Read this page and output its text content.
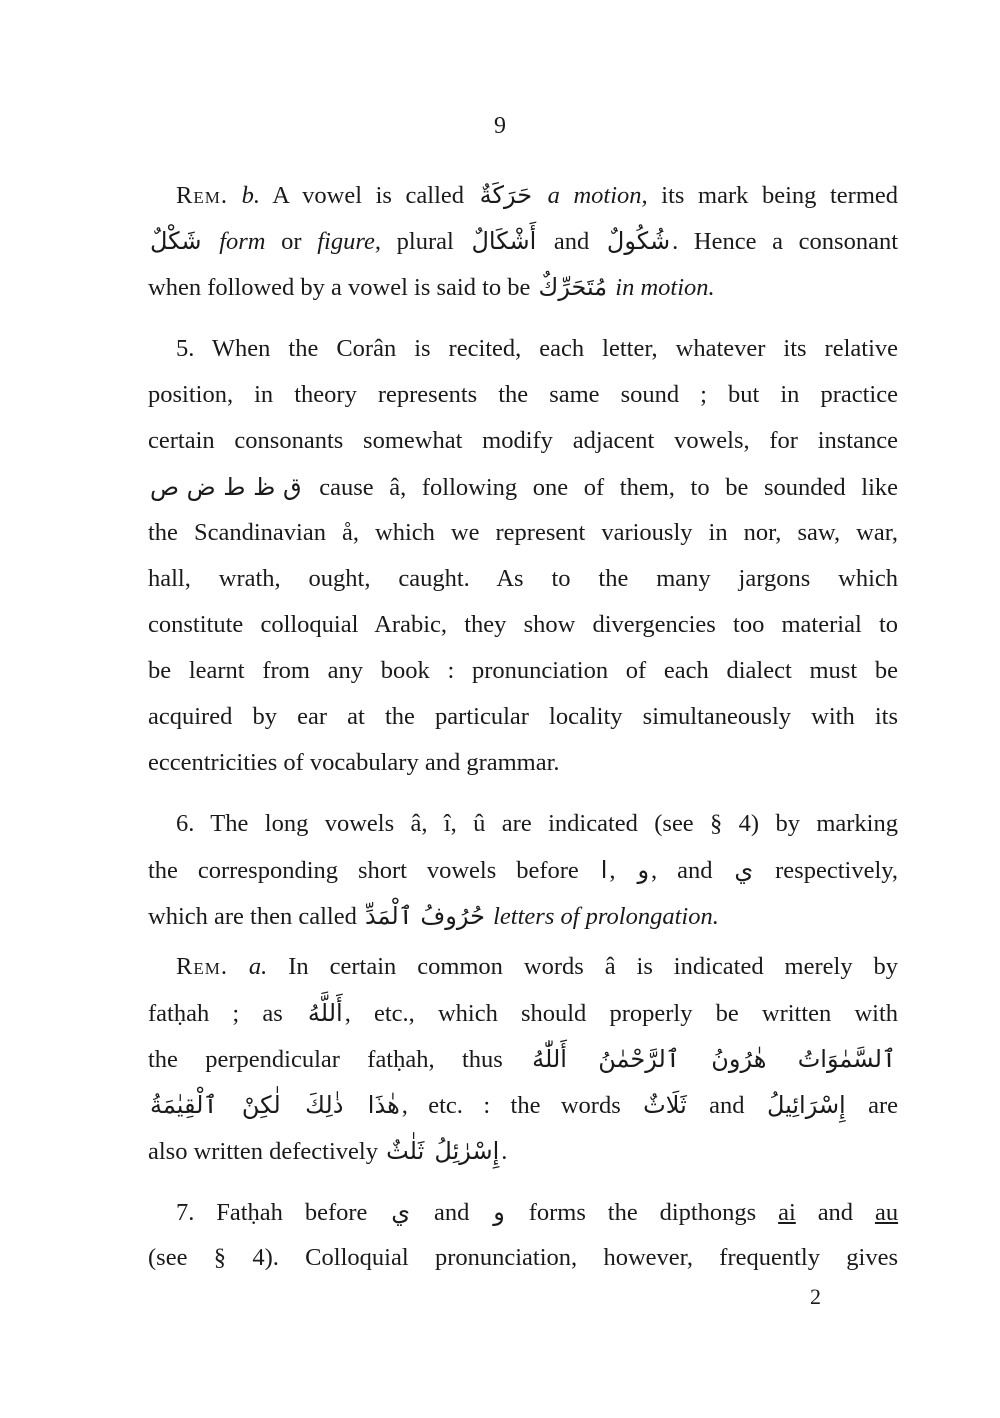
9
Rem. b. A vowel is called حَرَكَةٌ a motion, its mark being termed
شَكْلٌ form or figure, plural أَشْكَالٌ and شُكُولٌ. Hence a consonant
when followed by a vowel is said to be مُتَحَرِّكٌ in motion.
5. When the Corân is recited, each letter, whatever its relative
position, in theory represents the same sound ; but in practice
certain consonants somewhat modify adjacent vowels, for instance
ق ظ ط ض ص cause â, following one of them, to be sounded like
the Scandinavian å, which we represent variously in nor, saw, war,
hall, wrath, ought, caught. As to the many jargons which
constitute colloquial Arabic, they show divergencies too material to
be learnt from any book : pronunciation of each dialect must be
acquired by ear at the particular locality simultaneously with its
eccentricities of vocabulary and grammar.
6. The long vowels â, î, û are indicated (see § 4) by marking
the corresponding short vowels before ا, و, and ي respectively,
which are then called حُرُوفُ ٱلْمَدِّ letters of prolongation.
Rem. a. In certain common words â is indicated merely by
fatḥah ; as أَللَّهُ, etc., which should properly be written with
the perpendicular fatḥah, thus أَللّٰهُ ٱلرَّحْمٰنُ هٰرُونُ ٱلسَّمٰوَاتُ
ٱلْقِيٰمَةُ لٰكِنْ ذٰلِكَ هٰذَا, etc. : the words ثَلَاثٌ and إِسْرَائِيلُ are
also written defectively ثَلٰثٌ إِسْرٰئِلُ.
7. Fatḥah before ي and و forms the dipthongs ai and au
(see § 4). Colloquial pronunciation, however, frequently gives
2
